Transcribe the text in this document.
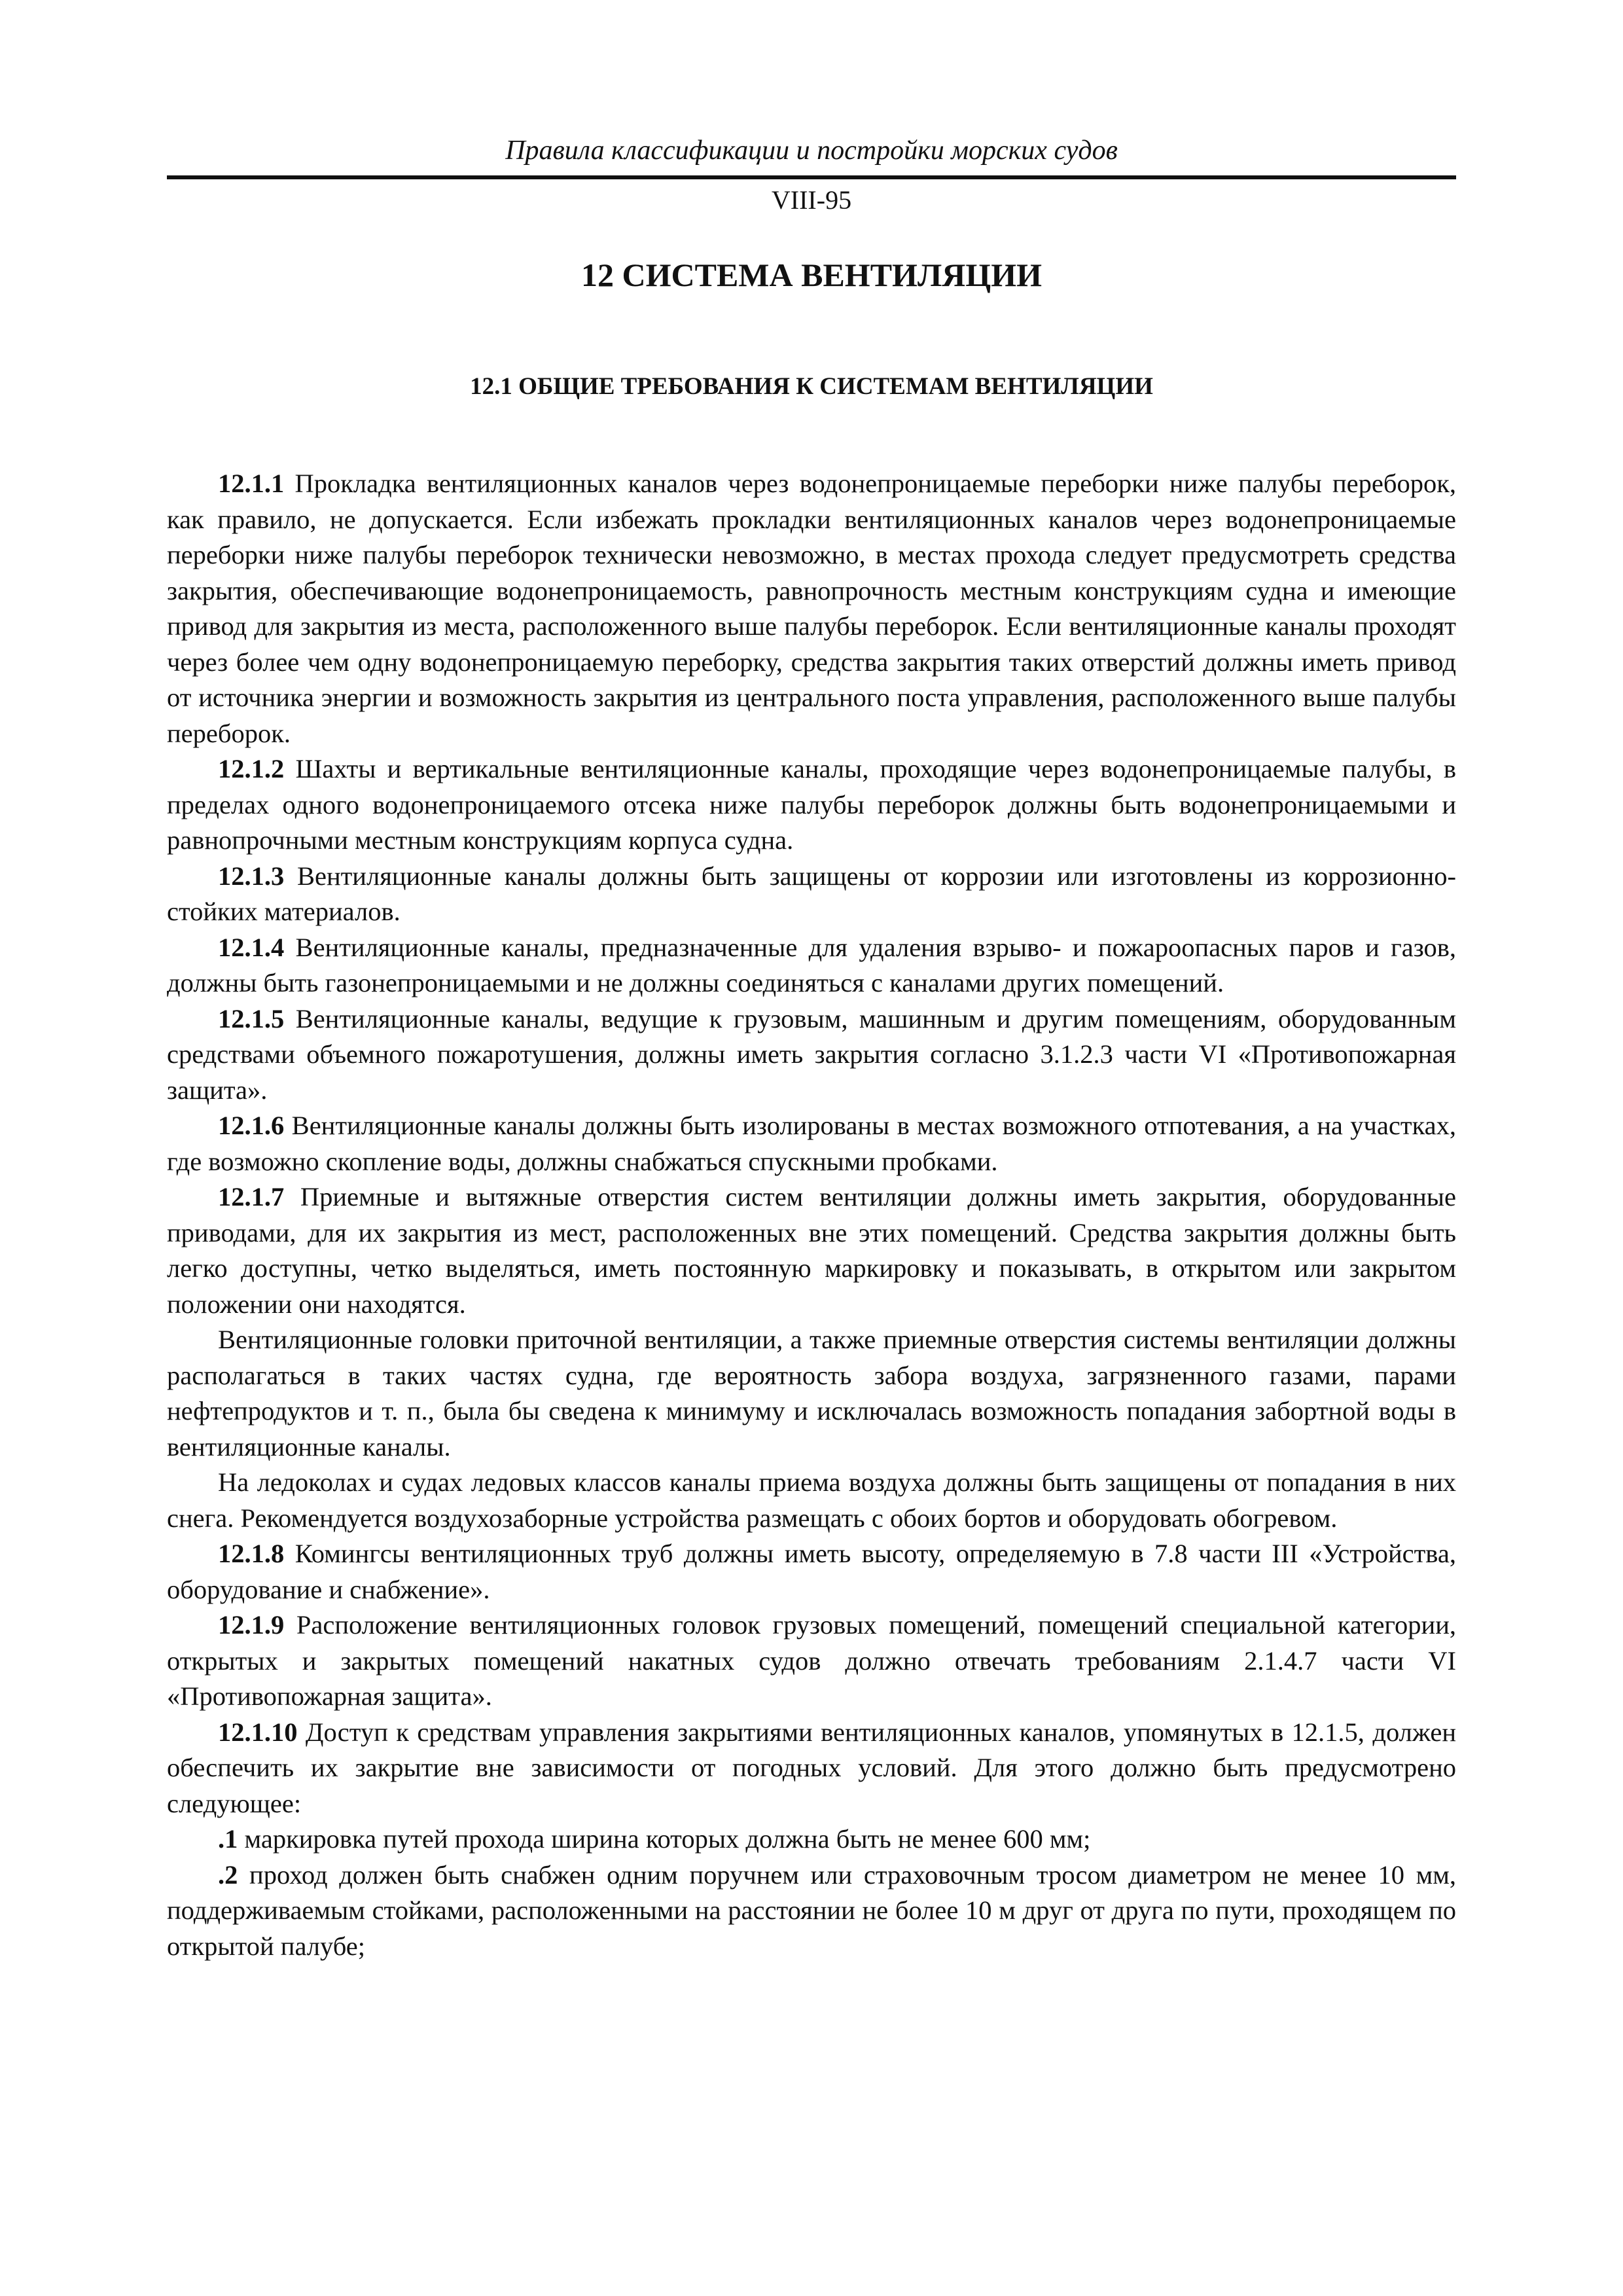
Правила классификации и постройки морских судов
VIII-95
12 СИСТЕМА ВЕНТИЛЯЦИИ
12.1 ОБЩИЕ ТРЕБОВАНИЯ К СИСТЕМАМ ВЕНТИЛЯЦИИ

12.1.1 Прокладка вентиляционных каналов через водонепроницаемые переборки ниже палубы переборок, как правило, не допускается. Если избежать прокладки вентиляционных каналов через водонепроницаемые переборки ниже палубы переборок технически невозможно, в местах прохода следует предусмотреть средства закрытия, обеспечивающие водонепроницаемость, равнопрочность местным конструкциям судна и имеющие привод для закрытия из места, расположенного выше палубы переборок. Если вентиляционные каналы проходят через более чем одну водонепроницаемую переборку, средства закрытия таких отверстий должны иметь привод от источника энергии и возможность закрытия из центрального поста управления, расположенного выше палубы переборок.

12.1.2 Шахты и вертикальные вентиляционные каналы, проходящие через водонепроницаемые палубы, в пределах одного водонепроницаемого отсека ниже палубы переборок должны быть водонепроницаемыми и равнопрочными местным конструкциям корпуса судна.

12.1.3 Вентиляционные каналы должны быть защищены от коррозии или изготовлены из коррозионно-стойких материалов.

12.1.4 Вентиляционные каналы, предназначенные для удаления взрыво- и пожароопасных паров и газов, должны быть газонепроницаемыми и не должны соединяться с каналами других помещений.

12.1.5 Вентиляционные каналы, ведущие к грузовым, машинным и другим помещениям, оборудованным средствами объемного пожаротушения, должны иметь закрытия согласно 3.1.2.3 части VI «Противопожарная защита».

12.1.6 Вентиляционные каналы должны быть изолированы в местах возможного отпотевания, а на участках, где возможно скопление воды, должны снабжаться спускными пробками.

12.1.7 Приемные и вытяжные отверстия систем вентиляции должны иметь закрытия, оборудованные приводами, для их закрытия из мест, расположенных вне этих помещений. Средства закрытия должны быть легко доступны, четко выделяться, иметь постоянную маркировку и показывать, в открытом или закрытом положении они находятся.

Вентиляционные головки приточной вентиляции, а также приемные отверстия системы вентиляции должны располагаться в таких частях судна, где вероятность забора воздуха, загрязненного газами, парами нефтепродуктов и т. п., была бы сведена к минимуму и исключалась возможность попадания забортной воды в вентиляционные каналы.

На ледоколах и судах ледовых классов каналы приема воздуха должны быть защищены от попадания в них снега. Рекомендуется воздухозаборные устройства размещать с обоих бортов и оборудовать обогревом.

12.1.8 Комингсы вентиляционных труб должны иметь высоту, определяемую в 7.8 части III «Устройства, оборудование и снабжение».

12.1.9 Расположение вентиляционных головок грузовых помещений, помещений специальной категории, открытых и закрытых помещений накатных судов должно отвечать требованиям 2.1.4.7 части VI «Противопожарная защита».

12.1.10 Доступ к средствам управления закрытиями вентиляционных каналов, упомянутых в 12.1.5, должен обеспечить их закрытие вне зависимости от погодных условий. Для этого должно быть предусмотрено следующее:

.1 маркировка путей прохода ширина которых должна быть не менее 600 мм;

.2 проход должен быть снабжен одним поручнем или страховочным тросом диаметром не менее 10 мм, поддерживаемым стойками, расположенными на расстоянии не более 10 м друг от друга по пути, проходящем по открытой палубе;
